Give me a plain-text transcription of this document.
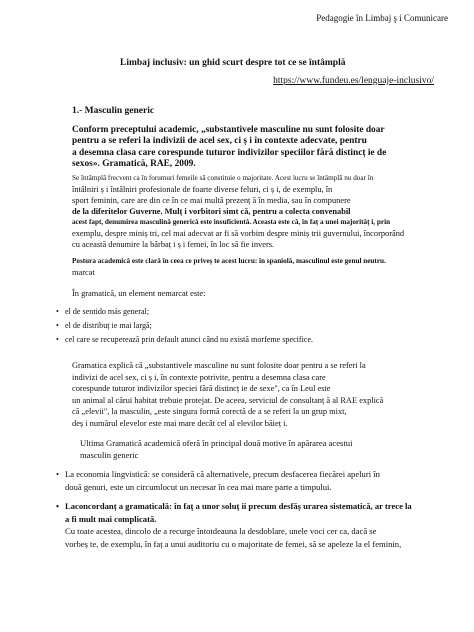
Pedagogie în Limbaj ş i Comunicare
Limbaj inclusiv: un ghid scurt despre tot ce se întâmplă
https://www.fundeu.es/lenguaje-inclusivo/
1.- Masculin generic
Conform preceptului academic, „substantivele masculine nu sunt folosite doar
pentru a se referi la indivizii de acel sex, ci ș i în contexte adecvate, pentru
a desemna clasa care corespunde tuturor indivizilor speciilor fără distincț ie de
sexos». Gramatică, RAE, 2009.
Se întâmplă frecvent ca în forumuri femeile să constituie o majoritate. Acest lucru se întâmplă nu doar în
întâlniri ș i întâlniri profesionale de foarte diverse feluri, ci ș i, de exemplu, în
sport feminin, care are din ce în ce mai multă prezenț ă în media, sau în compunere
de la diferitelor Guverne. Mulț i vorbitori simt că, pentru a colecta convenabil
acest fapt, denumirea masculină generică este insuficientă. Aceasta este că, în faț a unei majorităț i, prin
exemplu, despre miniș tri, cel mai adecvat ar fi să vorbim despre miniș trii guvernului, încorporând
cu această denumire la bărbaț i ș i femei, în loc să fie invers.
Postura academică este clară în ceea ce priveș te acest lucru: în spaniolă, masculinul este genul neutru.
marcat
În gramatică, un element nemarcat este:
• el de sentido más general;
• el de distribuț ie mai largă;
• cel care se recuperează prin default atunci când nu există morfeme specifice.
Gramatica explică că „substantivele masculine nu sunt folosite doar pentru a se referi la
indivizi de acel sex, ci ș i, în contexte potrivite, pentru a desemna clasa care
corespunde tuturor indivizilor speciei fără distincț ie de sexe", ca în Leul este
un animal al cărui habitat trebuie protejat. De aceea, serviciul de consultanț ă al RAE explică
că „elevii", la masculin, „este singura formă corectă de a se referi la un grup mixt,
deș i numărul elevelor este mai mare decât cel al elevilor băieț i.
Ultima Gramatică academică oferă în principal două motive în apărarea acestui
masculin generic
• La economia lingvistică: se consideră că alternativele, precum desfacerea fiecărei apeluri în
două genuri, este un circumlocut un necesar în cea mai mare parte a timpului.
• Laconcordanț a gramaticală: în faț a unor soluț ii precum desfăș urarea sistematică, ar trece la
a fi mult mai complicată.
Cu toate acestea, dincolo de a recurge întotdeauna la desdoblare, unele voci cer ca, dacă se
vorbeș te, de exemplu, în faț a unui auditoriu cu o majoritate de femei, să se apeleze la el feminin,
